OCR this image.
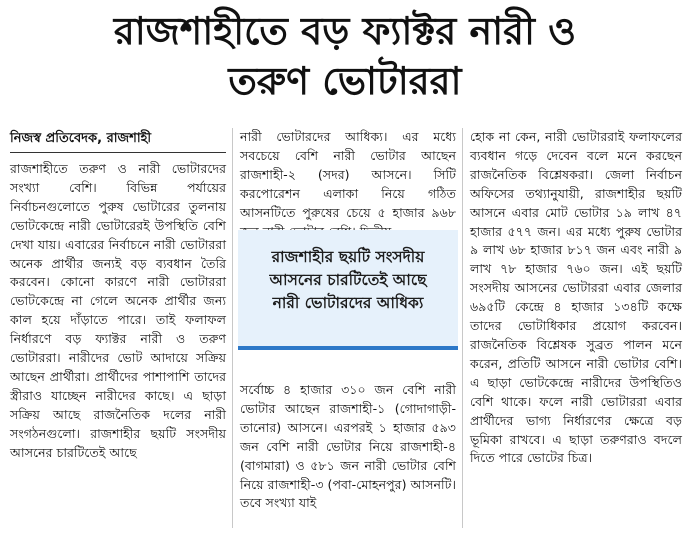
রাজশাহীতে বড় ফ্যাক্টর নারী ও
তরুণ ভোটাররা
নিজস্ব প্রতিবেদক, রাজশাহী

রাজশাহীতে তরুণ ও নারী ভোটারদের সংখ্যা বেশি। বিভিন্ন পর্যায়ের নির্বাচনগুলোতে পুরুষ ভোটারের তুলনায় ভোটকেন্দ্রে নারী ভোটারেরই উপস্থিতি বেশি দেখা যায়। এবারের নির্বাচনে নারী ভোটাররা অনেক প্রার্থীর জন্যই বড় ব্যবধান তৈরি করবেন। কোনো কারণে নারী ভোটাররা ভোটকেন্দ্রে না গেলে অনেক প্রার্থীর জন্য কাল হয়ে দাঁড়াতে পারে। তাই ফলাফল নির্ধারণে বড় ফ্যাক্টর নারী ও তরুণ ভোটাররা। নারীদের ভোট আদায়ে সক্রিয় আছেন প্রার্থীরা। প্রার্থীদের পাশাপাশি তাদের স্ত্রীরাও যাচ্ছেন নারীদের কাছে। এ ছাড়া সক্রিয় আছে রাজনৈতিক দলের নারী সংগঠনগুলো। রাজশাহীর ছয়টি সংসদীয় আসনের চারটিতেই আছে

নারী ভোটারদের আধিক্য। এর মধ্যে সবচেয়ে বেশি নারী ভোটার আছেন রাজশাহী-২ (সদর) আসনে। সিটি করপোরেশন এলাকা নিয়ে গঠিত আসনটিতে পুরুষের চেয়ে ৫ হাজার ৯৬৮

রাজশাহীর ছয়টি সংসদীয়
আসনের চারটিতেই আছে
নারী ভোটারদের আধিক্য

সর্বোচ্চ ৪ হাজার ৩১০ জন বেশি নারী ভোটার আছেন রাজশাহী-১ (গোদাগাড়ী-তানোর) আসনে। এরপরই ১ হাজার ৫৯৩ জন বেশি নারী ভোটার নিয়ে রাজশাহী-৪ (বাগমারা) ও ৫৮১ জন নারী ভোটার বেশি নিয়ে রাজশাহী-৩ (পবা-মোহনপুর) আসনটি। তবে সংখ্যা যাই

হোক না কেন, নারী ভোটাররাই ফলাফলের ব্যবধান গড়ে দেবেন বলে মনে করছেন রাজনৈতিক বিশ্লেষকরা। জেলা নির্বাচন অফিসের তথ্যানুযায়ী, রাজশাহীর ছয়টি আসনে এবার মোট ভোটার ১৯ লাখ ৪৭ হাজার ৫৭৭ জন। এর মধ্যে পুরুষ ভোটার ৯ লাখ ৬৮ হাজার ৮১৭ জন এবং নারী ৯ লাখ ৭৮ হাজার ৭৬০ জন। এই ছয়টি সংসদীয় আসনের ভোটাররা এবার জেলার ৬৯৫টি কেন্দ্রে ৪ হাজার ১৩৪টি কক্ষে তাদের ভোটাধিকার প্রয়োগ করবেন। রাজনৈতিক বিশ্লেষক সুব্রত পালন মনে করেন, প্রতিটি আসনে নারী ভোটার বেশি। এ ছাড়া ভোটকেন্দ্রে নারীদের উপস্থিতিও বেশি থাকে। ফলে নারী ভোটাররা এবার প্রার্থীদের ভাগ্য নির্ধারণের ক্ষেত্রে বড় ভূমিকা রাখবে। এ ছাড়া তরুণরাও বদলে দিতে পারে ভোটের চিত্র।
